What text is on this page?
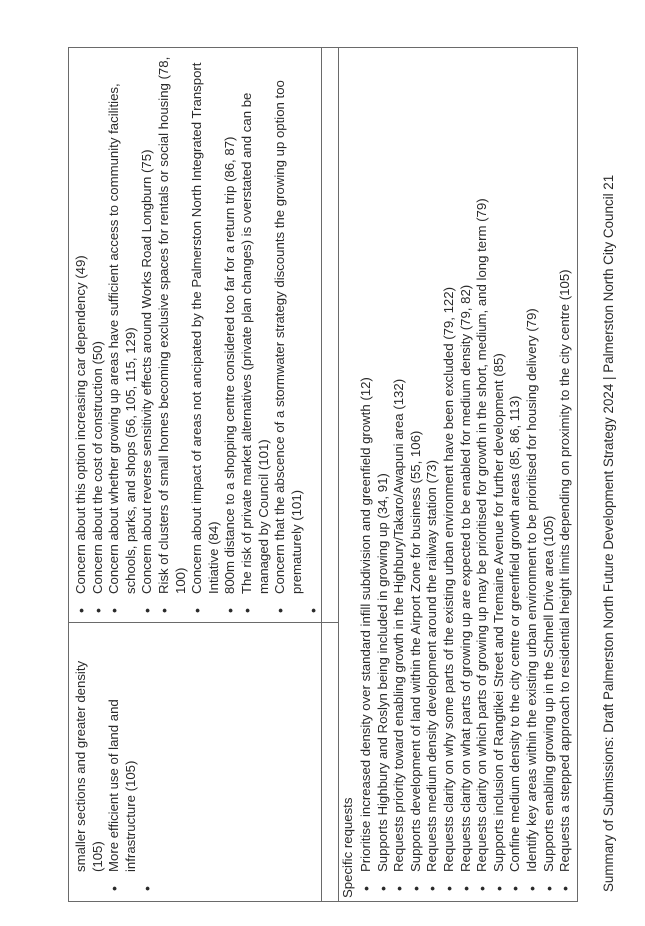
smaller sections and greater density (105) • More efficient use of land and infrastructure (105)
•
• Concern about this option increasing car dependency (49) • Concern about the cost of construction (50) • Concern about whether growing up areas have sufficient access to community facilities, schools, parks, and shops (56, 105, 115, 129) • Concern about reverse sensitivity effects around Works Road Longburn (75) • Risk of clusters of small homes becoming exclusive spaces for rentals or social housing (78, 100) • Concern about impact of areas not ancipated by the Palmerston North Integrated Transport Intiative (84) • 800m distance to a shopping centre considered too far for a return trip (86, 87) • The risk of private market alternatives (private plan changes) is overstated and can be managed by Council (101) • Concern that the abscence of a stormwater strategy discounts the growing up option too prematurely (101)
•
Specific requests • Prioritise increased density over standard infill subdivision and greenfield growth (12) • Supports Highbury and Roslyn being included in growing up (34, 91) • Requests priority toward enabling growth in the Highbury/Takaro/Awapuni area (132) • Supports development of land within the Airport Zone for business (55, 106) • Requests medium density development around the railway station (73) • Requests clarity on why some parts of the existing urban environment have been excluded (79, 122) • Requests clarity on what parts of growing up are expected to be enabled for medium density (79, 82) • Requests clarity on which parts of growing up may be prioritised for growth in the short, medium, and long term (79) • Supports inclusion of Rangtikei Street and Tremaine Avenue for further development (85) • Confine medium density to the city centre or greenfield growth areas (85, 86, 113) • Identify key areas within the existing urban environment to be prioritised for housing delivery (79) • Supports enabling growing up in the Schnell Drive area (105) • Requests a stepped approach to residential height limits depending on proximity to the city centre (105) Summary of Submissions: Draft Palmerston North Future Development Strategy 2024 | Palmerston North City Council 21
